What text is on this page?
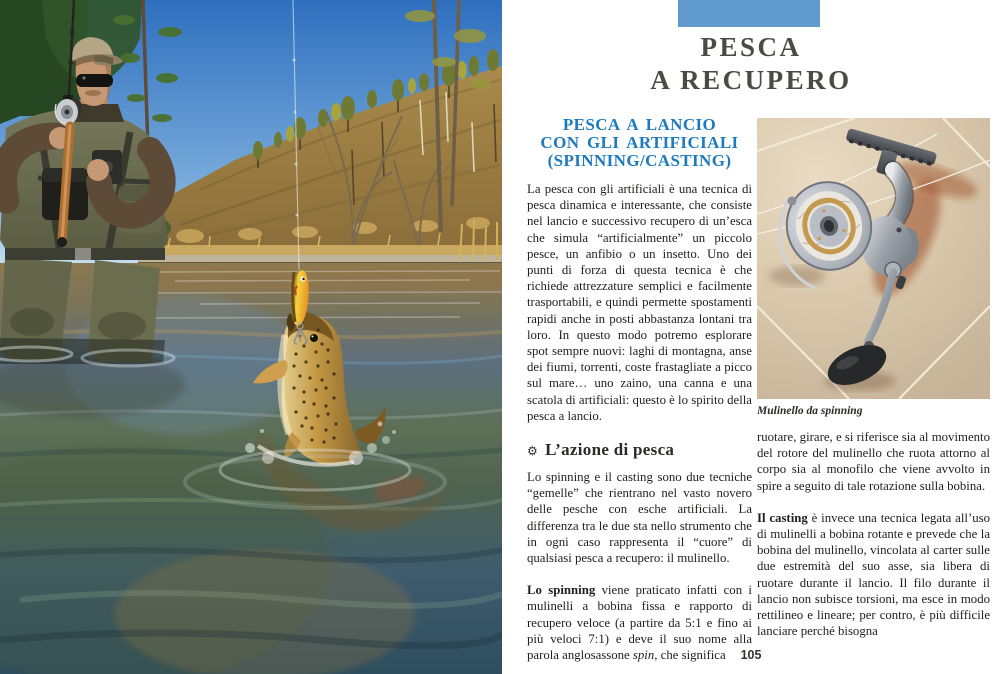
PESCA
A RECUPERO
PESCA A LANCIO
CON GLI ARTIFICIALI
(SPINNING/CASTING)

La pesca con gli artificiali è una tecnica di pesca dinamica e interessante, che consiste nel lancio e successivo recupero di un’esca che simula “artificialmente” un piccolo pesce, un anfibio o un insetto. Uno dei punti di forza di questa tecnica è che richiede attrezzature semplici e facilmente trasportabili, e quindi permette spostamenti rapidi anche in posti abbastanza lontani tra loro. In questo modo potremo esplorare spot sempre nuovi: laghi di montagna, anse dei fiumi, torrenti, coste frastagliate a picco sul mare… uno zaino, una canna e una scatola di artificiali: questo è lo spirito della pesca a lancio.

⚙ L’azione di pesca

Lo spinning e il casting sono due tecniche “gemelle” che rientrano nel vasto novero delle pesche con esche artificiali. La differenza tra le due sta nello strumento che in ogni caso rappresenta il “cuore” di qualsiasi pesca a recupero: il mulinello.

Lo spinning viene praticato infatti con i mulinelli a bobina fissa e rapporto di recupero veloce (a partire da 5:1 e fino ai più veloci 7:1) e deve il suo nome alla parola anglosassone spin, che significa

Mulinello da spinning

ruotare, girare, e si riferisce sia al movimento del rotore del mulinello che ruota attorno al corpo sia al monofilo che viene avvolto in spire a seguito di tale rotazione sulla bobina.

Il casting è invece una tecnica legata all’uso di mulinelli a bobina rotante e prevede che la bobina del mulinello, vincolata al carter sulle due estremità del suo asse, sia libera di ruotare durante il lancio. Il filo durante il lancio non subisce torsioni, ma esce in modo rettilineo e lineare; per contro, è più difficile lanciare perché bisogna

105
